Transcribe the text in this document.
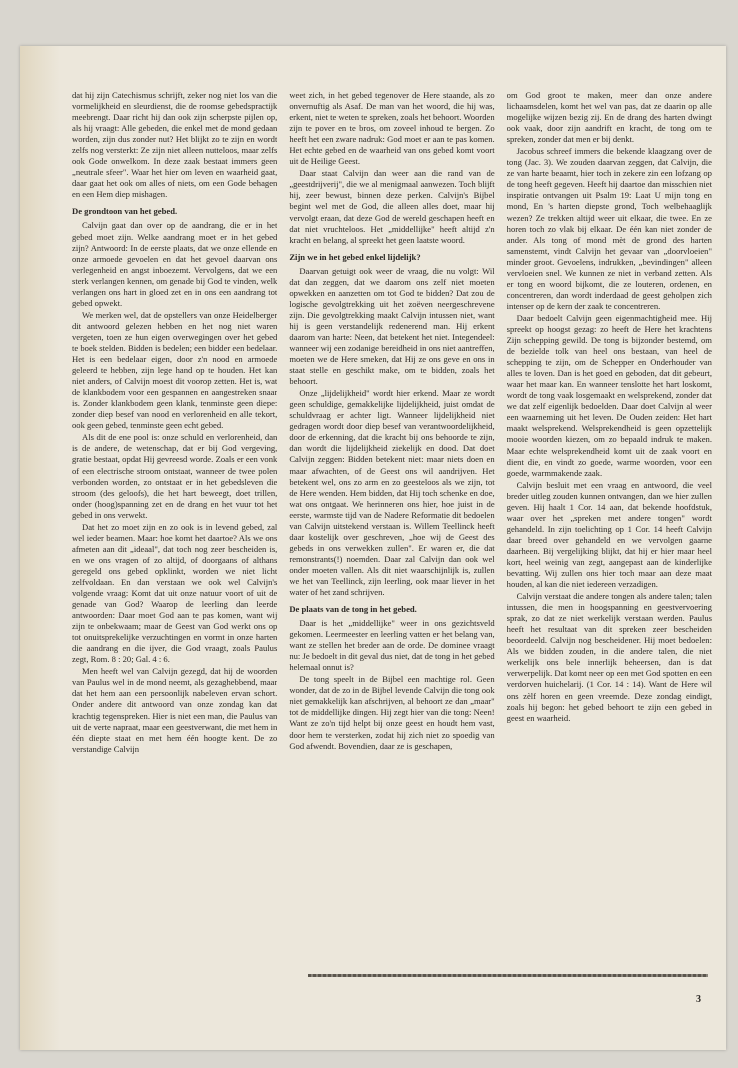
dat hij zijn Catechismus schrijft, zeker nog niet los van die vormelijkheid en sleurdienst, die de roomse gebedspractijk meebrengt. Daar richt hij dan ook zijn scherpste pijlen op, als hij vraagt: Alle gebeden, die enkel met de mond gedaan worden, zijn dus zonder nut? Het blijkt zo te zijn en wordt zelfs nog versterkt: Ze zijn niet alleen nutteloos, maar zelfs ook Gode onwelkom. In deze zaak bestaat immers geen „neutrale sfeer". Waar het hier om leven en waarheid gaat, daar gaat het ook om alles of niets, om een Gode behagen en een Hem diep mishagen.

De grondtoon van het gebed.

Calvijn gaat dan over op de aandrang, die er in het gebed moet zijn. Welke aandrang moet er in het gebed zijn? Antwoord: In de eerste plaats, dat we onze ellende en onze armoede gevoelen en dat het gevoel daarvan ons verlegenheid en angst inboezemt. Vervolgens, dat we een sterk verlangen kennen, om genade bij God te vinden, welk verlangen ons hart in gloed zet en in ons een aandrang tot gebed opwekt.

We merken wel, dat de opstellers van onze Heidelberger dit antwoord gelezen hebben en het nog niet waren vergeten, toen ze hun eigen overwegingen over het gebed te boek stelden. Bidden is bedelen; een bidder een bedelaar. Het is een bedelaar eigen, door z'n nood en armoede geleerd te hebben, zijn lege hand op te houden. Het kan niet anders, of Calvijn moest dit voorop zetten. Het is, wat de klankbodem voor een gespannen en aangestreken snaar is. Zonder klankbodem geen klank, tenminste geen diepe: zonder diep besef van nood en verlorenheid en alle tekort, ook geen gebed, tenminste geen echt gebed.

Als dit de ene pool is: onze schuld en verlorenheid, dan is de andere, de wetenschap, dat er bij God vergeving, gratie bestaat, opdat Hij gevreesd worde. Zoals er een vonk of een electrische stroom ontstaat, wanneer de twee polen verbonden worden, zo ontstaat er in het gebedsleven die stroom (des geloofs), die het hart beweegt, doet trillen, onder (hoog)spanning zet en de drang en het vuur tot het gebed in ons verwekt.

Dat het zo moet zijn en zo ook is in levend gebed, zal wel ieder beamen. Maar: hoe komt het daartoe? Als we ons afmeten aan dit „ideaal", dat toch nog zeer bescheiden is, en we ons vragen of zo altijd, of doorgaans of althans geregeld ons gebed opklinkt, worden we niet licht zelfvoldaan. En dan verstaan we ook wel Calvijn's volgende vraag: Komt dat uit onze natuur voort of uit de genade van God? Waarop de leerling dan leerde antwoorden: Daar moet God aan te pas komen, want wij zijn te onbekwaam; maar de Geest van God werkt ons op tot onuitsprekelijke verzuchtingen en vormt in onze harten die aandrang en die ijver, die God vraagt, zoals Paulus zegt, Rom. 8 : 20; Gal. 4 : 6.

Men heeft wel van Calvijn gezegd, dat hij de woorden van Paulus wel in de mond neemt, als gezaghebbend, maar dat het hem aan een persoonlijk nabeleven ervan schort. Onder andere dit antwoord van onze zondag kan dat krachtig tegenspreken. Hier is niet een man, die Paulus van uit de verte napraat, maar een geestverwant, die met hem in één diepte staat en met hem één hoogte kent. De zo verstandige Calvijn

weet zich, in het gebed tegenover de Here staande, als zo onvernuftig als Asaf. De man van het woord, die hij was, erkent, niet te weten te spreken, zoals het behoort. Woorden zijn te pover en te bros, om zoveel inhoud te bergen. Zo heeft het een zware nadruk: God moet er aan te pas komen. Het echte gebed en de waarheid van ons gebed komt voort uit de Heilige Geest.

Daar staat Calvijn dan weer aan die rand van de „geestdrijverij", die we al menigmaal aanwezen. Toch blijft hij, zeer bewust, binnen deze perken. Calvijn's Bijbel begint wel met de God, die alleen alles doet, maar hij vervolgt eraan, dat deze God de wereld geschapen heeft en dat niet vruchteloos. Het „middellijke" heeft altijd z'n kracht en belang, al spreekt het geen laatste woord.

Zijn we in het gebed enkel lijdelijk?

Daarvan getuigt ook weer de vraag, die nu volgt: Wil dat dan zeggen, dat we daarom ons zelf niet moeten opwekken en aanzetten om tot God te bidden? Dat zou de logische gevolgtrekking uit het zoëven neergeschrevene zijn. Die gevolgtrekking maakt Calvijn intussen niet, want hij is geen verstandelijk redenerend man. Hij erkent daarom van harte: Neen, dat betekent het niet. Integendeel: wanneer wij een zodanige bereidheid in ons niet aantreffen, moeten we de Here smeken, dat Hij ze ons geve en ons in staat stelle en geschikt make, om te bidden, zoals het behoort.

Onze „lijdelijkheid" wordt hier erkend. Maar ze wordt geen schuldige, gemakkelijke lijdelijkheid, juist omdat de schuldvraag er achter ligt. Wanneer lijdelijkheid niet gedragen wordt door diep besef van verantwoordelijkheid, door de erkenning, dat die kracht bij ons behoorde te zijn, dan wordt die lijdelijkheid ziekelijk en dood. Dat doet Calvijn zeggen: Bidden betekent niet: maar niets doen en maar afwachten, of de Geest ons wil aandrijven. Het betekent wel, ons zo arm en zo geesteloos als we zijn, tot de Here wenden. Hem bidden, dat Hij toch schenke en doe, wat ons ontgaat. We herinneren ons hier, hoe juist in de eerste, warmste tijd van de Nadere Reformatie dit bedoelen van Calvijn uitstekend verstaan is. Willem Teellinck heeft daar kostelijk over geschreven, „hoe wij de Geest des gebeds in ons verwekken zullen". Er waren er, die dat remonstrants(!) noemden. Daar zal Calvijn dan ook wel onder moeten vallen. Als dit niet waarschijnlijk is, zullen we het van Teellinck, zijn leerling, ook maar liever in het water of het zand schrijven.

De plaats van de tong in het gebed.

Daar is het „middellijke" weer in ons gezichtsveld gekomen. Leermeester en leerling vatten er het belang van, want ze stellen het breder aan de orde. De dominee vraagt nu: Je bedoelt in dit geval dus niet, dat de tong in het gebed helemaal onnut is?

De tong speelt in de Bijbel een machtige rol. Geen wonder, dat de zo in de Bijbel levende Calvijn die tong ook niet gemakkelijk kan afschrijven, al behoort ze dan „maar" tot de middellijke dingen. Hij zegt hier van die tong: Neen! Want ze zo'n tijd helpt bij onze geest en houdt hem vast, door hem te versterken, zodat hij zich niet zo spoedig van God afwendt. Bovendien, daar ze is geschapen,

om God groot te maken, meer dan onze andere lichaamsdelen, komt het wel van pas, dat ze daarin op alle mogelijke wijzen bezig zij. En de drang des harten dwingt ook vaak, door zijn aandrift en kracht, de tong om te spreken, zonder dat men er bij denkt.

Jacobus schreef immers die bekende klaagzang over de tong (Jac. 3). We zouden daarvan zeggen, dat Calvijn, die ze van harte beaamt, hier toch in zekere zin een lofzang op de tong heeft gegeven. Heeft hij daartoe dan misschien niet inspiratie ontvangen uit Psalm 19: Laat U mijn tong en mond, En 's harten diepste grond, Toch welbehaaglijk wezen? Ze trekken altijd weer uit elkaar, die twee. En ze horen toch zo vlak bij elkaar. De één kan niet zonder de ander. Als tong of mond mèt de grond des harten samenstemt, vindt Calvijn het gevaar van „doorvloeien" minder groot. Gevoelens, indrukken, „bevindingen" alleen vervloeien snel. We kunnen ze niet in verband zetten. Als er tong en woord bijkomt, die ze louteren, ordenen, en concentreren, dan wordt inderdaad de geest geholpen zich intenser op de kern der zaak te concentreren.

Daar bedoelt Calvijn geen eigenmachtigheid mee. Hij spreekt op hoogst gezag: zo heeft de Here het krachtens Zijn schepping gewild. De tong is bijzonder bestemd, om de bezielde tolk van heel ons bestaan, van heel de schepping te zijn, om de Schepper en Onderhouder van alles te loven. Dan is het goed en geboden, dat dit gebeurt, waar het maar kan. En wanneer tenslotte het hart loskomt, wordt de tong vaak losgemaakt en welsprekend, zonder dat we dat zelf eigenlijk bedoelden. Daar doet Calvijn al weer een waarneming uit het leven. De Ouden zeiden: Het hart maakt welsprekend. Welsprekendheid is geen opzettelijk mooie woorden kiezen, om zo bepaald indruk te maken. Maar echte welsprekendheid komt uit de zaak voort en dient die, en vindt zo goede, warme woorden, voor een goede, warmmakende zaak.

Calvijn besluit met een vraag en antwoord, die veel breder uitleg zouden kunnen ontvangen, dan we hier zullen geven. Hij haalt 1 Cor. 14 aan, dat bekende hoofdstuk, waar over het „spreken met andere tongen" wordt gehandeld. In zijn toelichting op 1 Cor. 14 heeft Calvijn daar breed over gehandeld en we vervolgen gaarne daarheen. Bij vergelijking blijkt, dat hij er hier maar heel kort, heel weinig van zegt, aangepast aan de kinderlijke bevatting. Wij zullen ons hier toch maar aan deze maat houden, al kan die niet iedereen verzadigen.

Calvijn verstaat die andere tongen als andere talen; talen intussen, die men in hoogspanning en geestvervoering sprak, zo dat ze niet werkelijk verstaan werden. Paulus heeft het resultaat van dit spreken zeer bescheiden beoordeeld. Calvijn nog bescheidener. Hij moet bedoelen: Als we bidden zouden, in die andere talen, die niet werkelijk ons bele innerlijk beheersen, dan is dat verwerpelijk. Dat komt neer op een met God spotten en een verdorven huichelarij. (1 Cor. 14 : 14). Want de Here wil ons zèlf horen en geen vreemde. Deze zondag eindigt, zoals hij begon: het gebed behoort te zijn een gebed in geest en waarheid.

3
